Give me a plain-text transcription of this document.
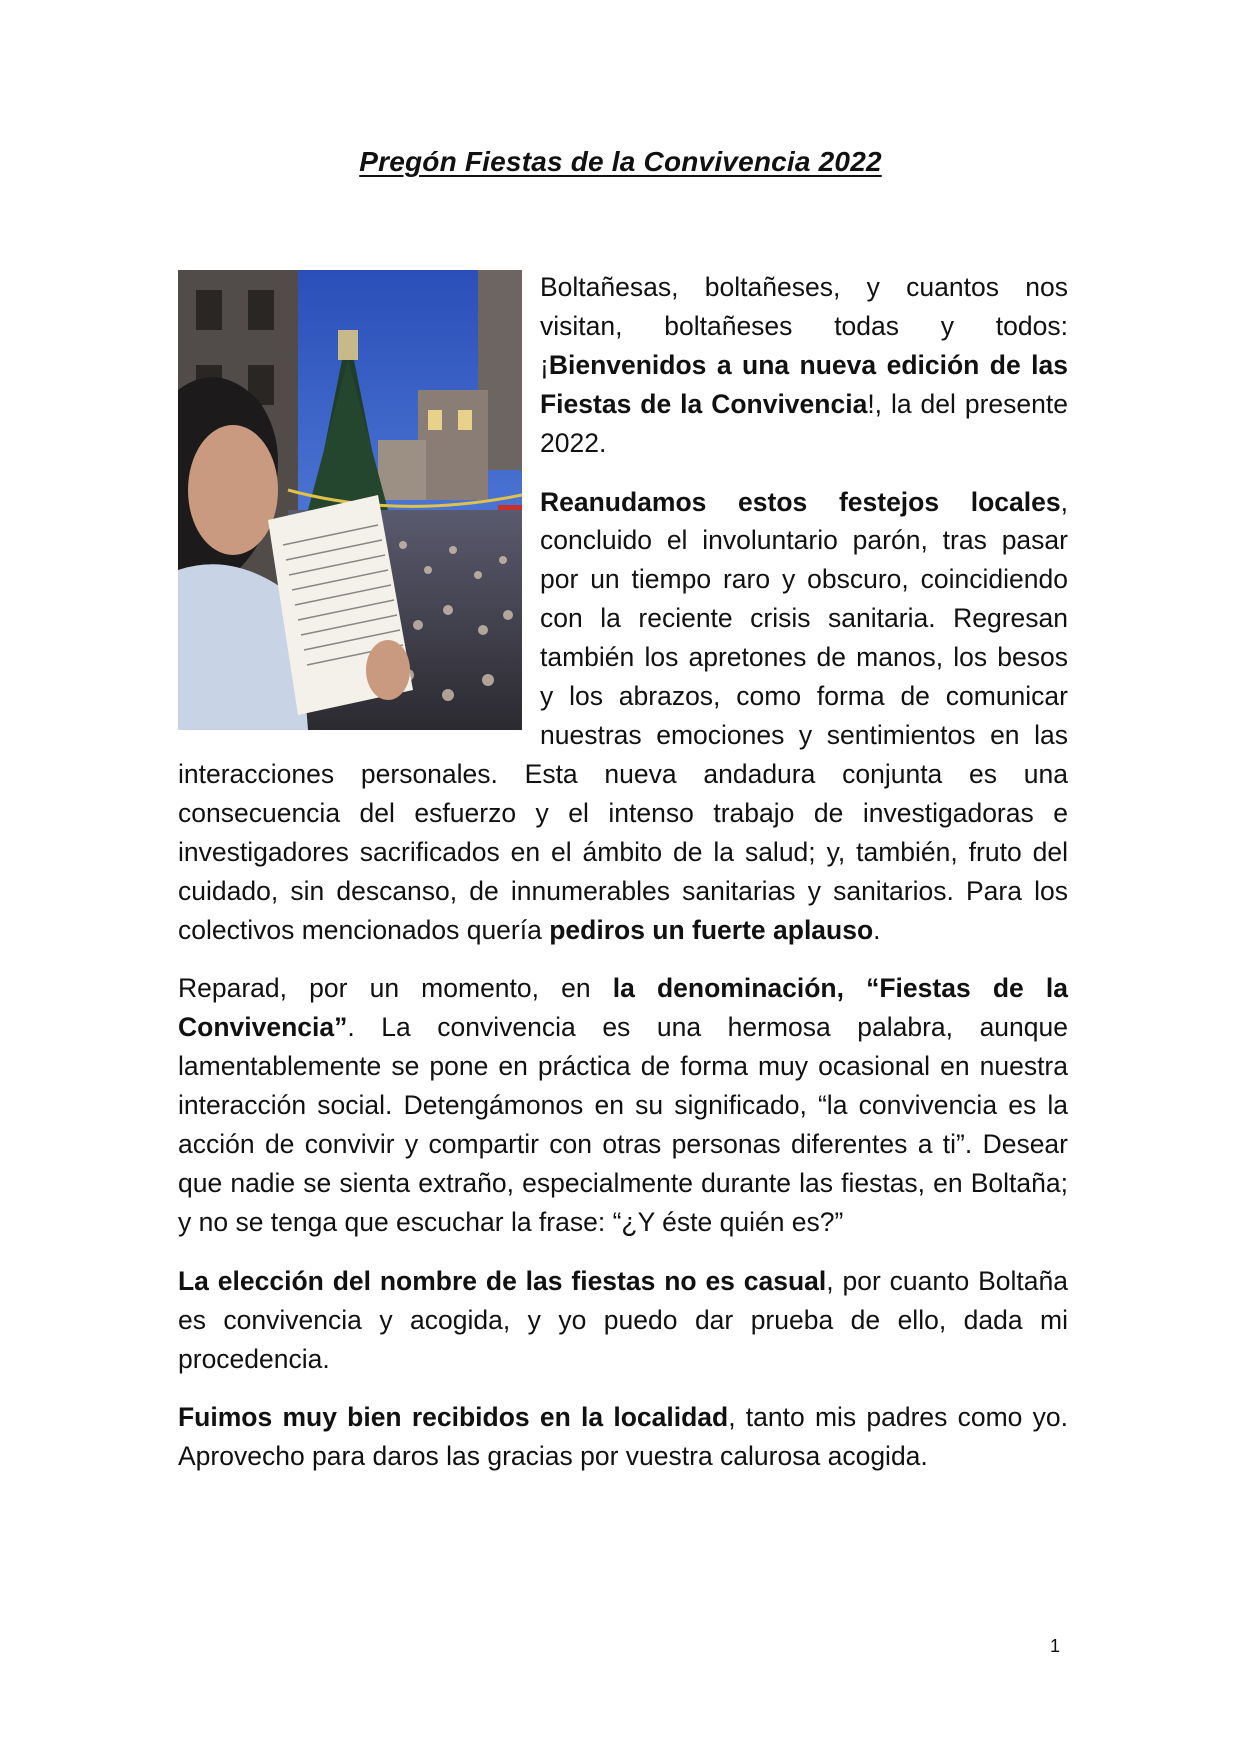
Pregón Fiestas de la Convivencia 2022

Boltañesas, boltañeses, y cuantos nos visitan, boltañeses todas y todos: ¡Bienvenidos a una nueva edición de las Fiestas de la Convivencia!, la del presente 2022.

Reanudamos estos festejos locales, concluido el involuntario parón, tras pasar por un tiempo raro y obscuro, coincidiendo con la reciente crisis sanitaria. Regresan también los apretones de manos, los besos y los abrazos, como forma de comunicar nuestras emociones y sentimientos en las interacciones personales. Esta nueva andadura conjunta es una consecuencia del esfuerzo y el intenso trabajo de investigadoras e investigadores sacrificados en el ámbito de la salud; y, también, fruto del cuidado, sin descanso, de innumerables sanitarias y sanitarios. Para los colectivos mencionados quería pediros un fuerte aplauso.

Reparad, por un momento, en la denominación, “Fiestas de la Convivencia”. La convivencia es una hermosa palabra, aunque lamentablemente se pone en práctica de forma muy ocasional en nuestra interacción social. Detengámonos en su significado, “la convivencia es la acción de convivir y compartir con otras personas diferentes a ti”. Desear que nadie se sienta extraño, especialmente durante las fiestas, en Boltaña; y no se tenga que escuchar la frase: “¿Y éste quién es?”

La elección del nombre de las fiestas no es casual, por cuanto Boltaña es convivencia y acogida, y yo puedo dar prueba de ello, dada mi procedencia.

Fuimos muy bien recibidos en la localidad, tanto mis padres como yo. Aprovecho para daros las gracias por vuestra calurosa acogida.

1
